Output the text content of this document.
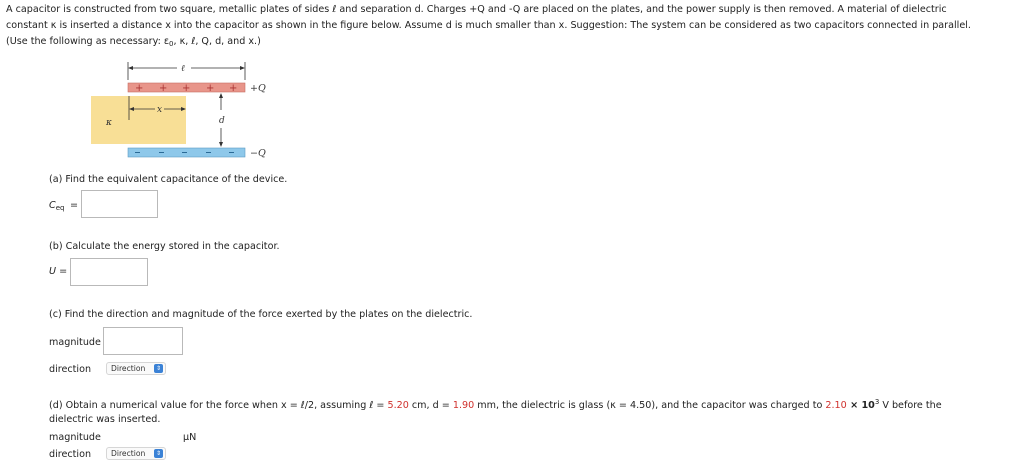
A capacitor is constructed from two square, metallic plates of sides ℓ and separation d. Charges +Q and -Q are placed on the plates, and the power supply is then removed. A material of dielectric
constant κ is inserted a distance x into the capacitor as shown in the figure below. Assume d is much smaller than x. Suggestion: The system can be considered as two capacitors connected in parallel.
(Use the following as necessary: $\varepsilon_0$, κ, ℓ, Q, d, and x.)
κ
+ + + + + +Q
−Q
ℓ
x
d
(a) Find the equivalent capacitance of the device.
$C_{eq}$ =
(b) Calculate the energy stored in the capacitor.
U =
(c) Find the direction and magnitude of the force exerted by the plates on the dielectric.
magnitude
direction	Direction	⇕
(d) Obtain a numerical value for the force when x = ℓ/2, assuming ℓ = 5.20 cm, d = 1.90 mm, the dielectric is glass (κ = 4.50), and the capacitor was charged to $2.10 \times 10^3$ V before the
dielectric was inserted.
magnitude	μN
direction	Direction	⇕
